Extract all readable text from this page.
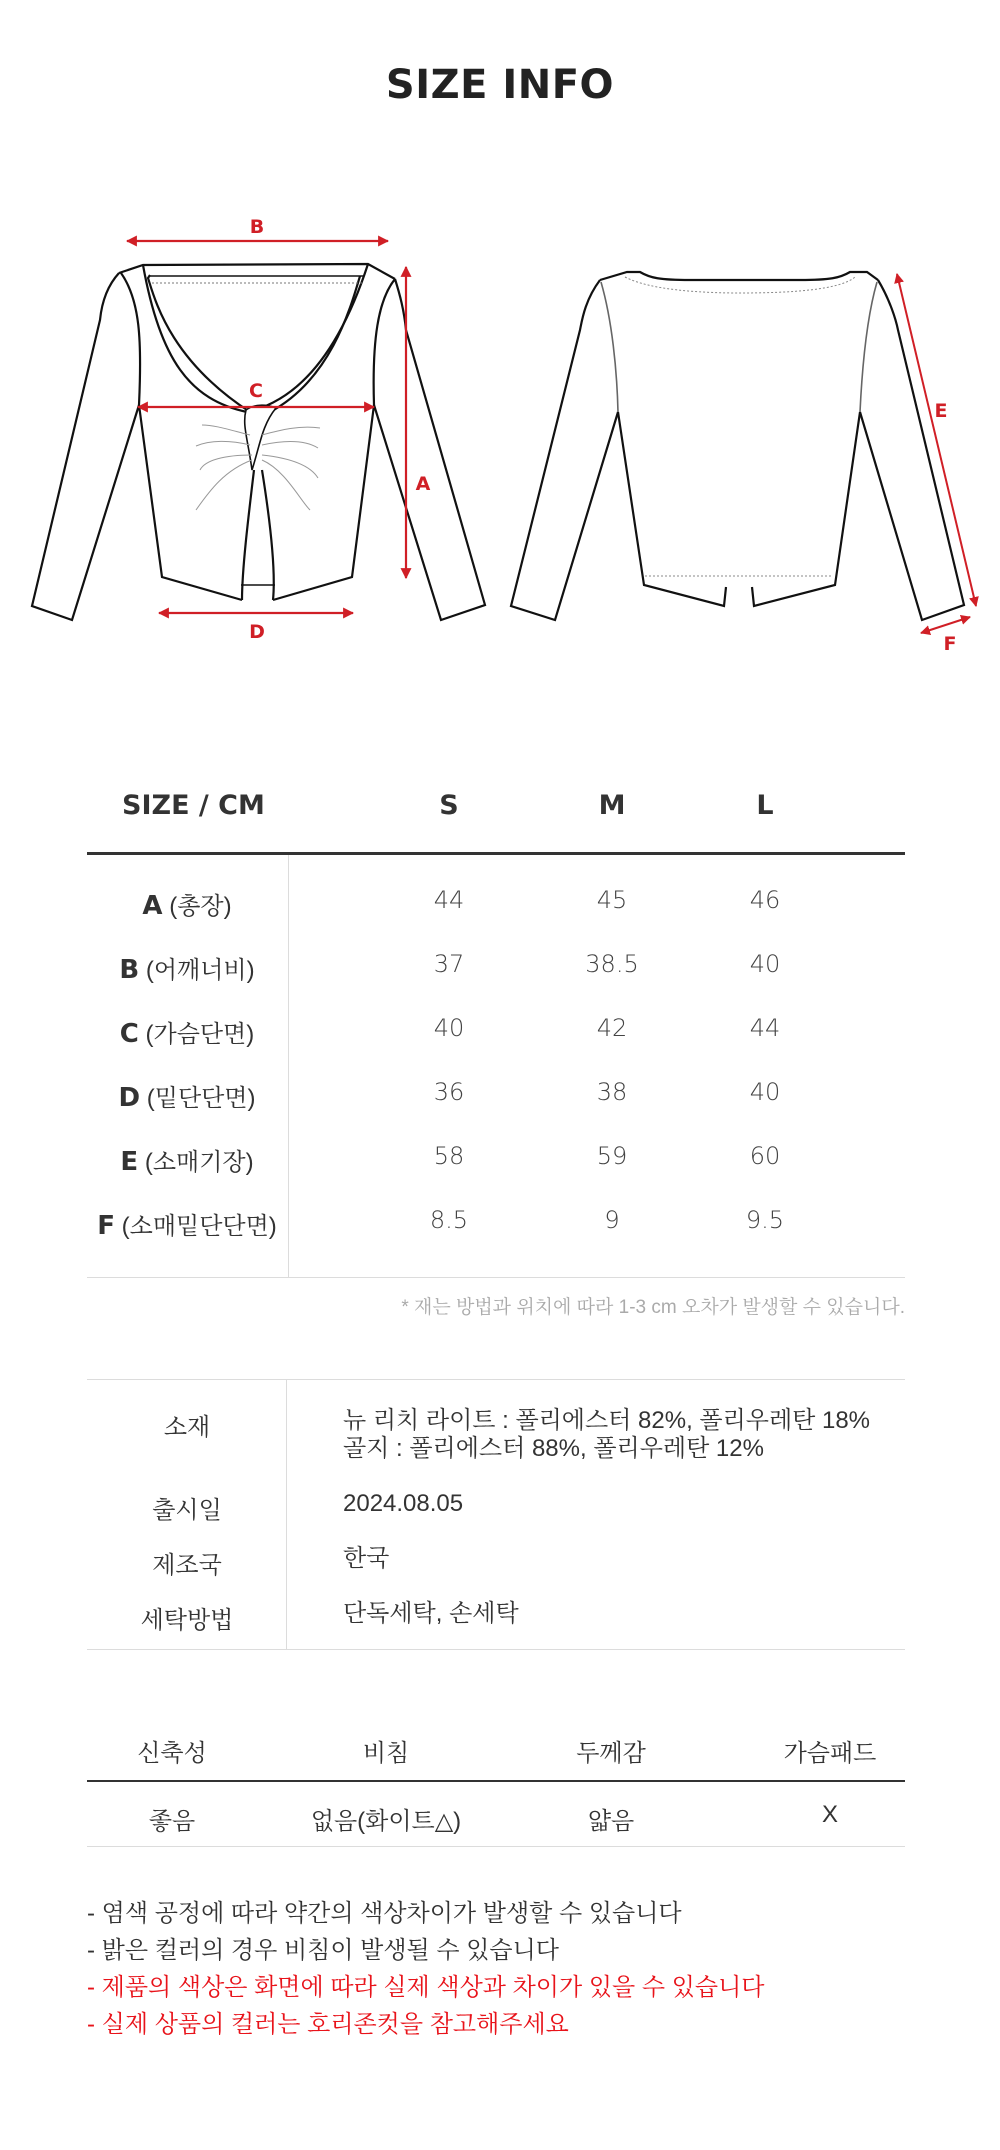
SIZE INFO
B
C
A
D
E
F
SIZE / CM	S	M	L
A (총장)	44	45	46
B (어깨너비)	37	38.5	40
C (가슴단면)	40	42	44
D (밑단단면)	36	38	40
E (소매기장)	58	59	60
F (소매밑단단면)	8.5	9	9.5
* 재는 방법과 위치에 따라 1-3 cm 오차가 발생할 수 있습니다.
소재	뉴 리치 라이트 : 폴리에스터 82%, 폴리우레탄 18%
골지 : 폴리에스터 88%, 폴리우레탄 12%
출시일	2024.08.05
제조국	한국
세탁방법	단독세탁, 손세탁
신축성	비침	두께감	가슴패드
좋음	없음(화이트△)	얇음	X
- 염색 공정에 따라 약간의 색상차이가 발생할 수 있습니다
- 밝은 컬러의 경우 비침이 발생될 수 있습니다
- 제품의 색상은 화면에 따라 실제 색상과 차이가 있을 수 있습니다
- 실제 상품의 컬러는 호리존컷을 참고해주세요
